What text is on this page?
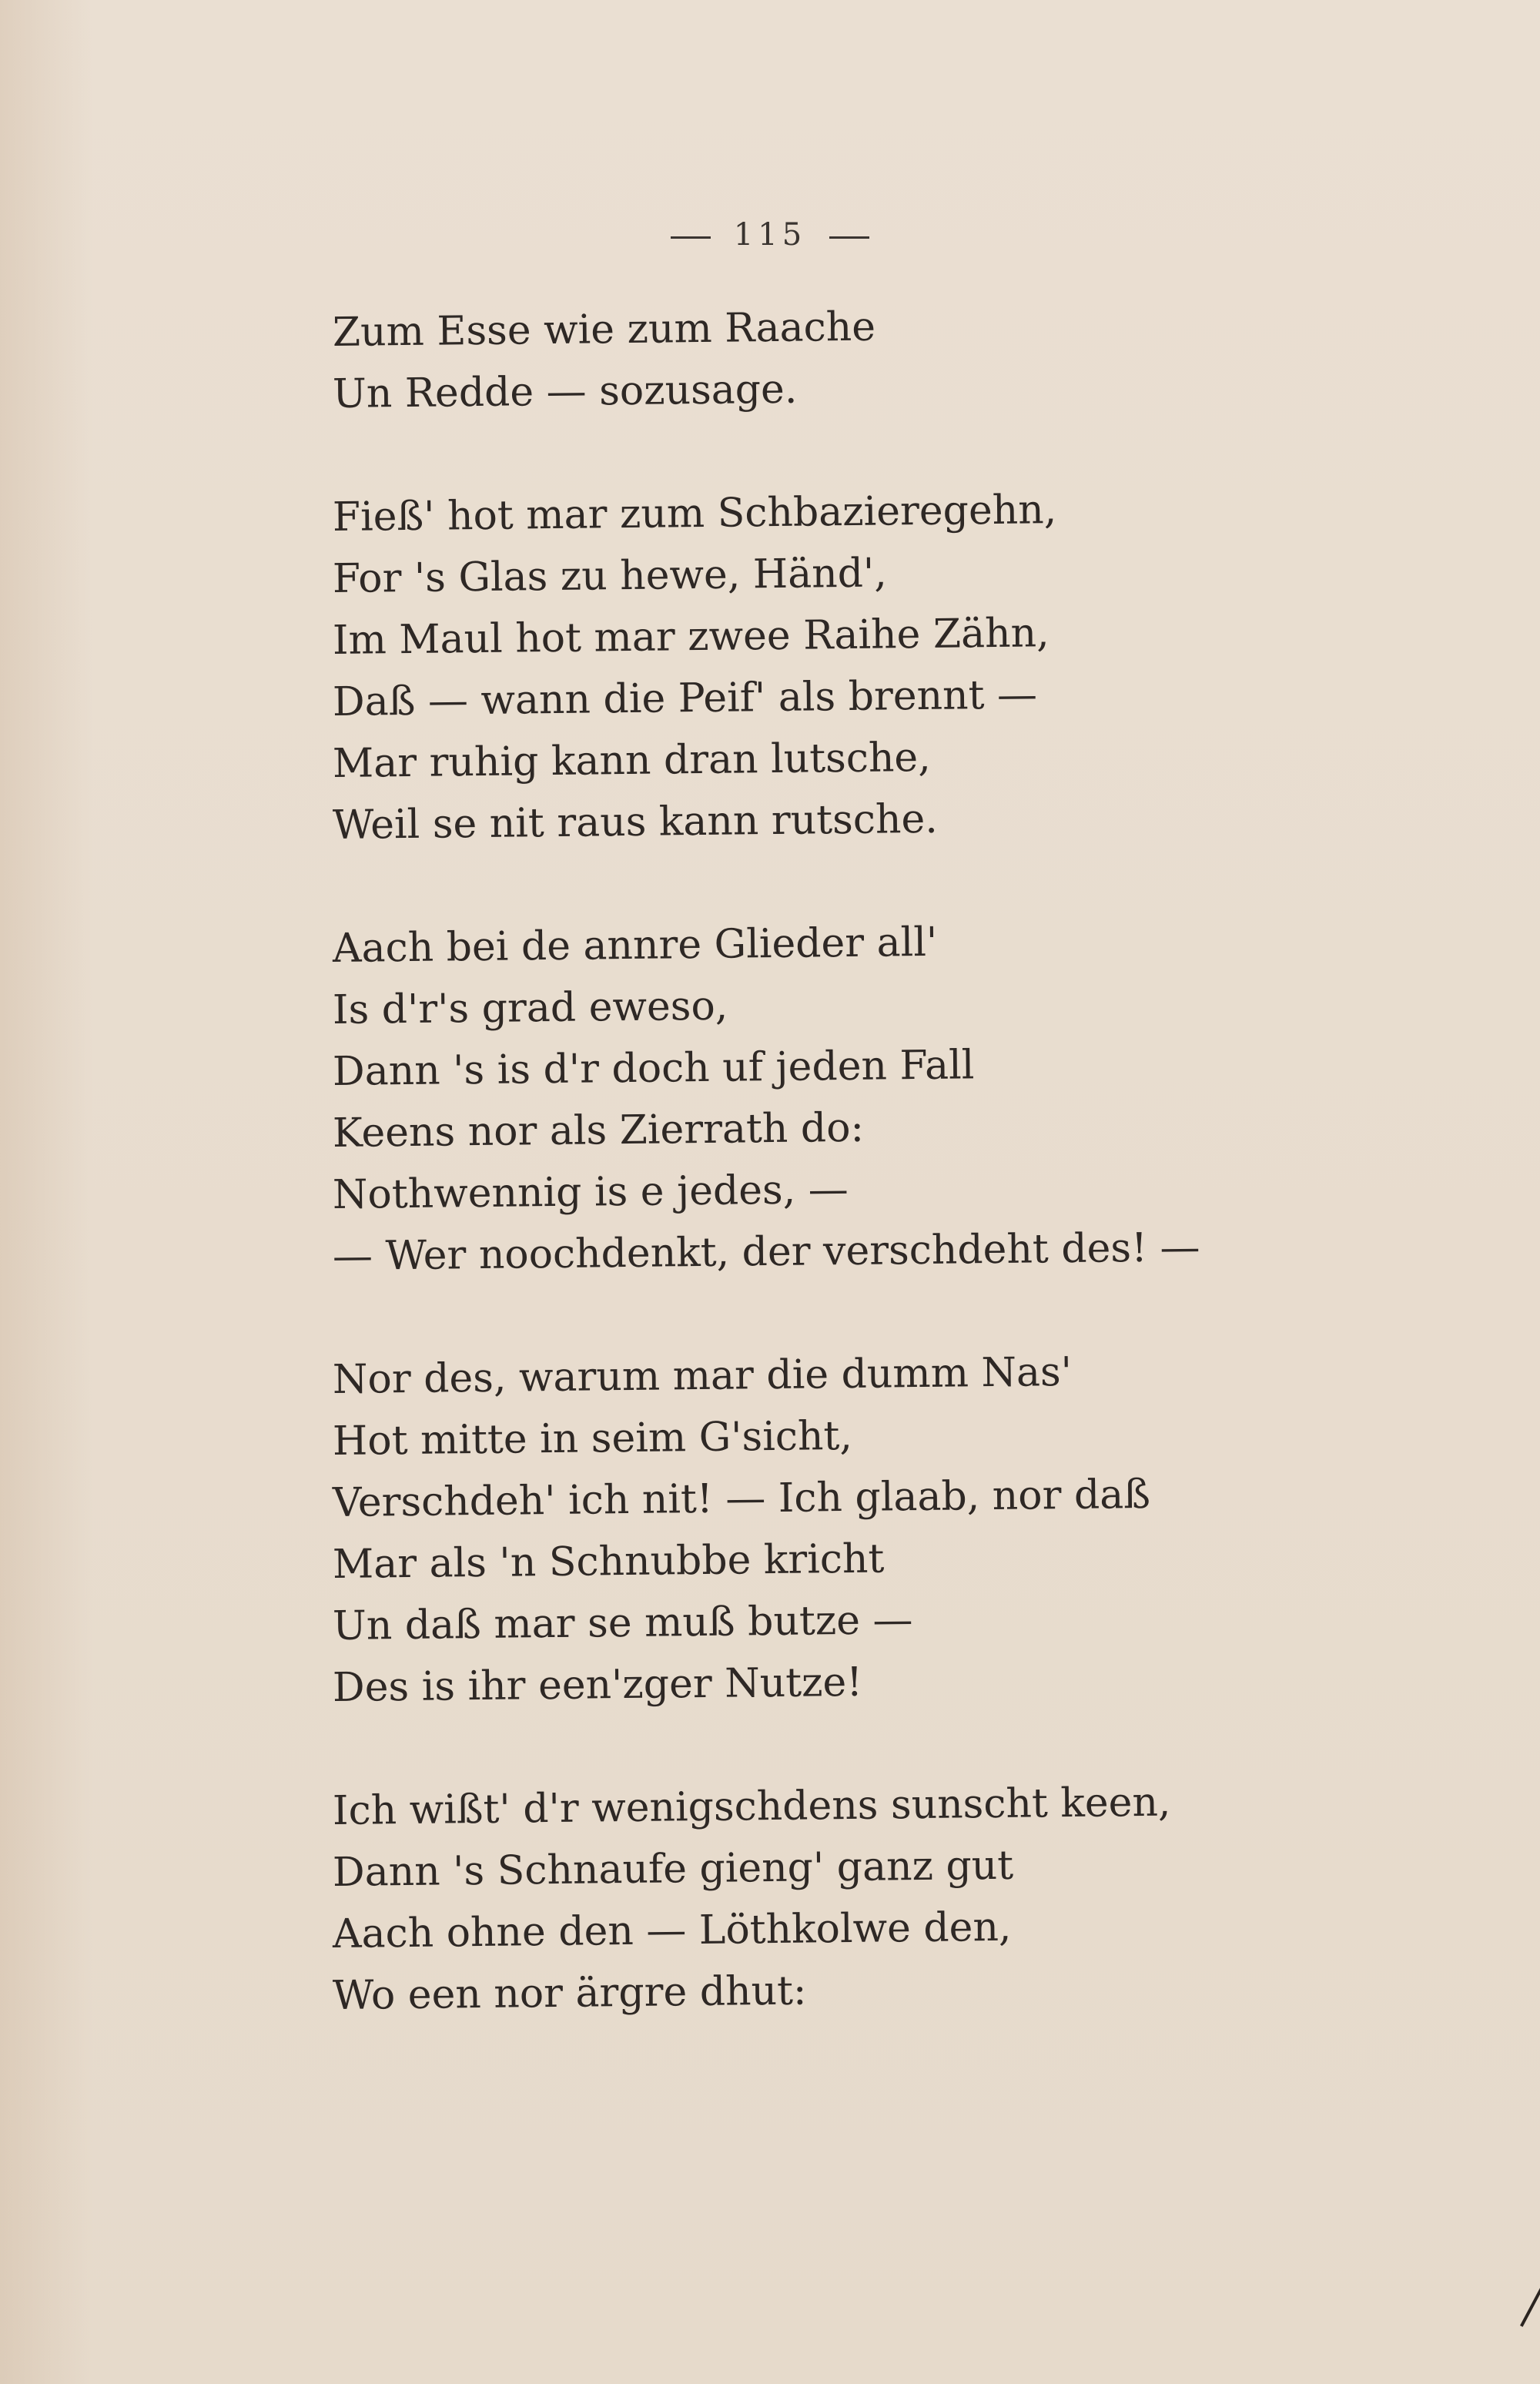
115
Zum Esse wie zum Raache
Un Redde — sozusage.
Fieß' hot mar zum Schbazieregehn,
For 's Glas zu hewe, Händ',
Im Maul hot mar zwee Raihe Zähn,
Daß — wann die Peif' als brennt —
Mar ruhig kann dran lutsche,
Weil se nit raus kann rutsche.
Aach bei de annre Glieder all'
Is d'r's grad eweso,
Dann 's is d'r doch uf jeden Fall
Keens nor als Zierrath do:
Nothwennig is e jedes, —
— Wer noochdenkt, der verschdeht des! —
Nor des, warum mar die dumm Nas'
Hot mitte in seim G'sicht,
Verschdeh' ich nit! — Ich glaab, nor daß
Mar als 'n Schnubbe kricht
Un daß mar se muß butze —
Des is ihr een'zger Nutze!
Ich wißt' d'r wenigschdens sunscht keen,
Dann 's Schnaufe gieng' ganz gut
Aach ohne den — Löthkolwe den,
Wo een nor ärgre dhut:
